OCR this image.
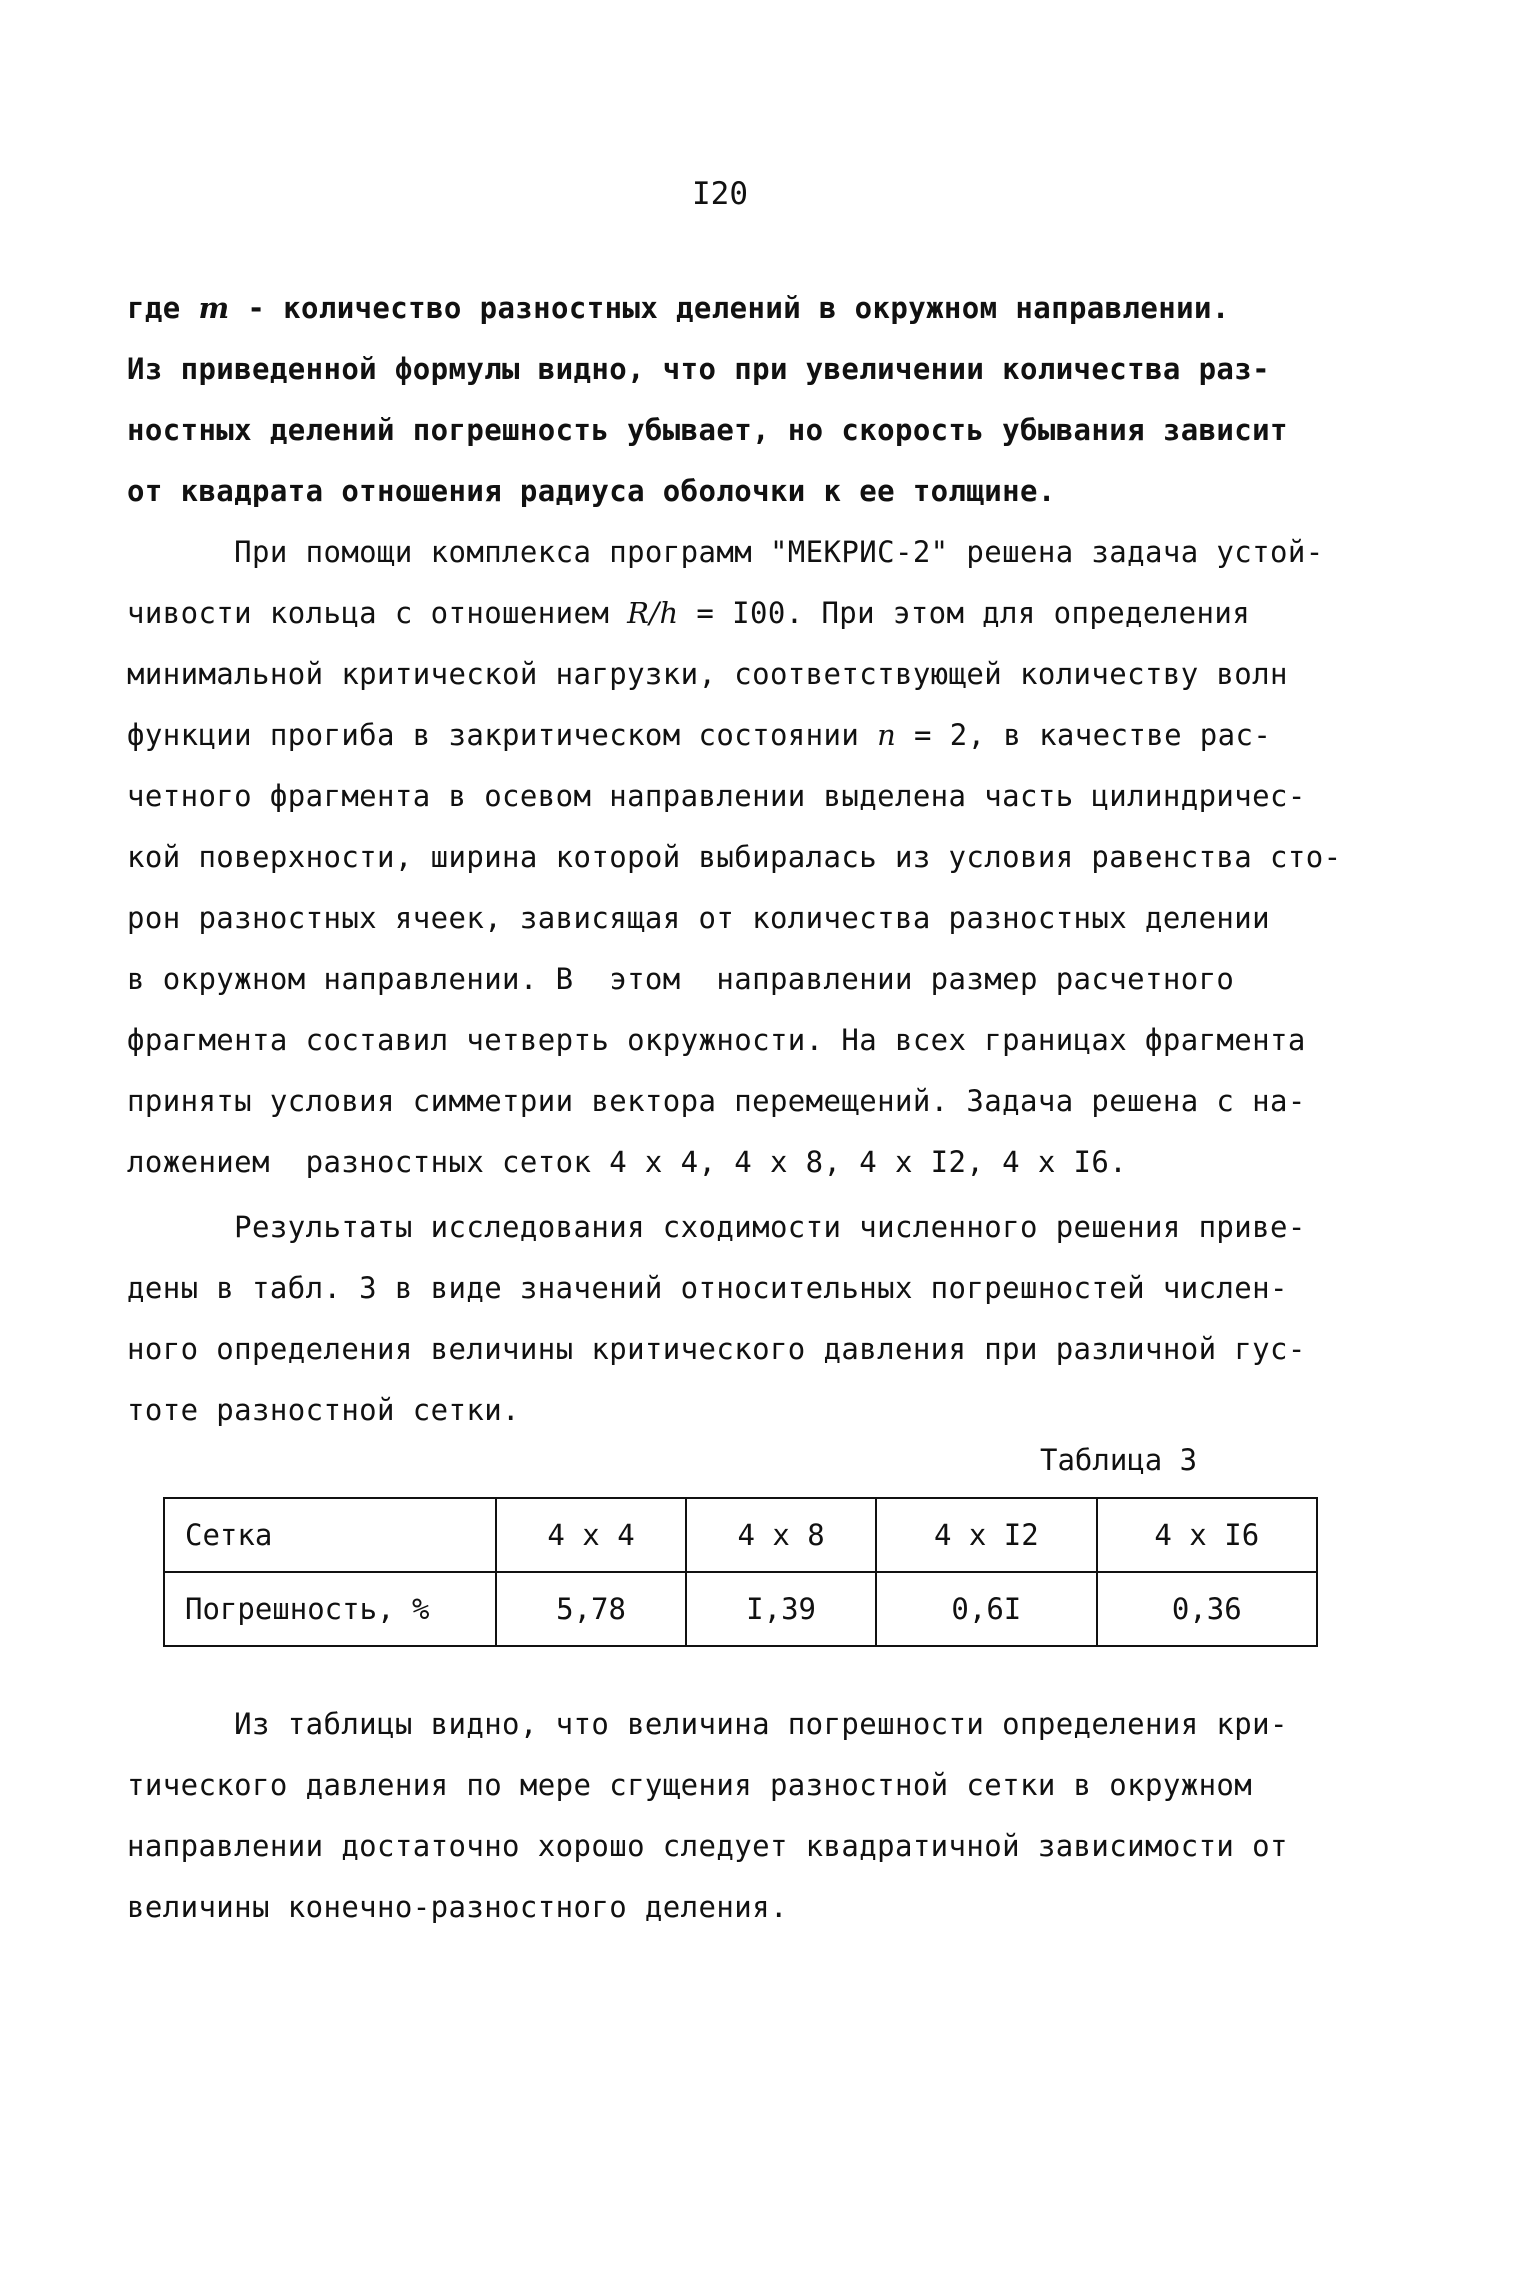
I20
где m - количество разностных делений в окружном направлении.
Из приведенной формулы видно, что при увеличении количества раз-
ностных делений погрешность убывает, но скорость убывания зависит
от квадрата отношения радиуса оболочки к ее толщине.
При помощи комплекса программ "МЕКРИС-2" решена задача устой-
чивости кольца с отношением R/h = I00. При этом для определения
минимальной критической нагрузки, соответствующей количеству волн
функции прогиба в закритическом состоянии n = 2, в качестве рас-
четного фрагмента в осевом направлении выделена часть цилиндричес-
кой поверхности, ширина которой выбиралась из условия равенства сто-
рон разностных ячеек, зависящая от количества разностных делении
в окружном направлении. В  этом  направлении размер расчетного
фрагмента составил четверть окружности. На всех границах фрагмента
приняты условия симметрии вектора перемещений. Задача решена с на-
ложением  разностных сеток 4 х 4, 4 х 8, 4 х I2, 4 х I6.
Результаты исследования сходимости численного решения приве-
дены в табл. 3 в виде значений относительных погрешностей числен-
ного определения величины критического давления при различной гус-
тоте разностной сетки.
Таблица 3
Сетка	4 х 4	4 х 8	4 х I2	4 х I6
Погрешность, %	5,78	I,39	0,6I	0,36
Из таблицы видно, что величина погрешности определения кри-
тического давления по мере сгущения разностной сетки в окружном
направлении достаточно хорошо следует квадратичной зависимости от
величины конечно-разностного деления.
